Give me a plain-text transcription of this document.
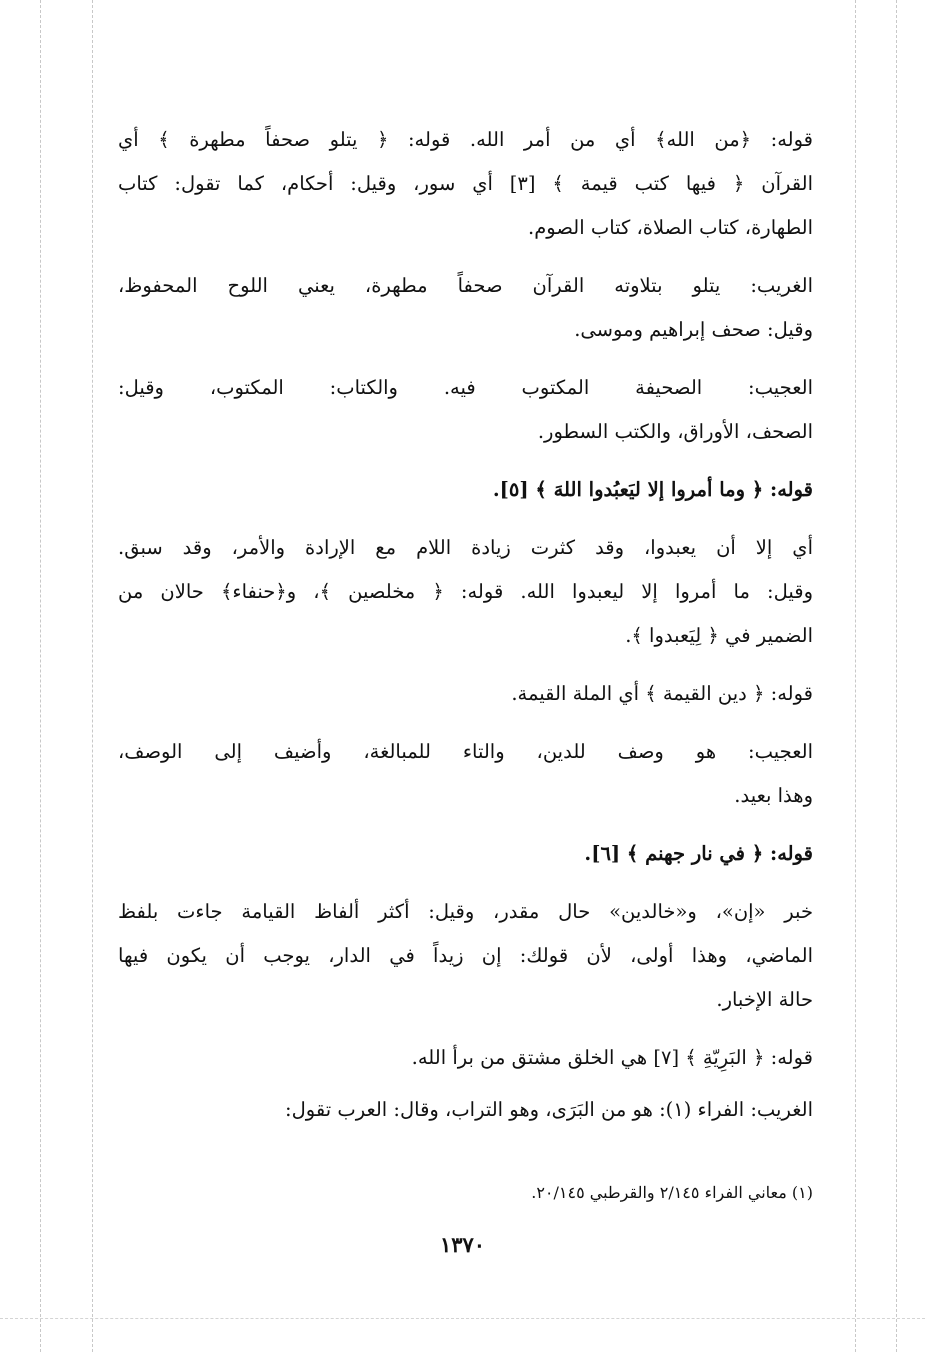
قوله: ﴿من الله﴾ أي من أمر الله. قوله: ﴿ يتلو صحفاً مطهرة ﴾ أي
القرآن ﴿ فيها كتب قيمة ﴾ [٣] أي سور، وقيل: أحكام، كما تقول: كتاب
الطهارة، كتاب الصلاة، كتاب الصوم.
الغريب: يتلو بتلاوته القرآن صحفاً مطهرة، يعني اللوح المحفوظ،
وقيل: صحف إبراهيم وموسى.
العجيب: الصحيفة المكتوب فيه. والكتاب: المكتوب، وقيل:
الصحف، الأوراق، والكتب السطور.
قوله: ﴿ وما أمروا إلا ليَعبُدوا اللهَ ﴾ [٥].
أي إلا أن يعبدوا، وقد كثرت زيادة اللام مع الإرادة والأمر، وقد سبق.
وقيل: ما أمروا إلا ليعبدوا الله. قوله: ﴿ مخلصين ﴾، و﴿حنفاء﴾ حالان من
الضمير في ﴿ لِيَعبدوا ﴾.
قوله: ﴿ دين القيمة ﴾ أي الملة القيمة.
العجيب: هو وصف للدين، والتاء للمبالغة، وأضيف إلى الوصف،
وهذا بعيد.
قوله: ﴿ في نار جهنم ﴾ [٦].
خبر «إن»، و«خالدين» حال مقدر، وقيل: أكثر ألفاظ القيامة جاءت بلفظ
الماضي، وهذا أولى، لأن قولك: إن زيداً في الدار، يوجب أن يكون فيها
حالة الإخبار.
قوله: ﴿ البَرِيّةِ ﴾ [٧] هي الخلق مشتق من برأ الله.
الغريب: الفراء (١): هو من البَرَى، وهو التراب، وقال: العرب تقول:
(١) معاني الفراء ٢/١٤٥ والقرطبي ٢٠/١٤٥.
١٣٧٠
